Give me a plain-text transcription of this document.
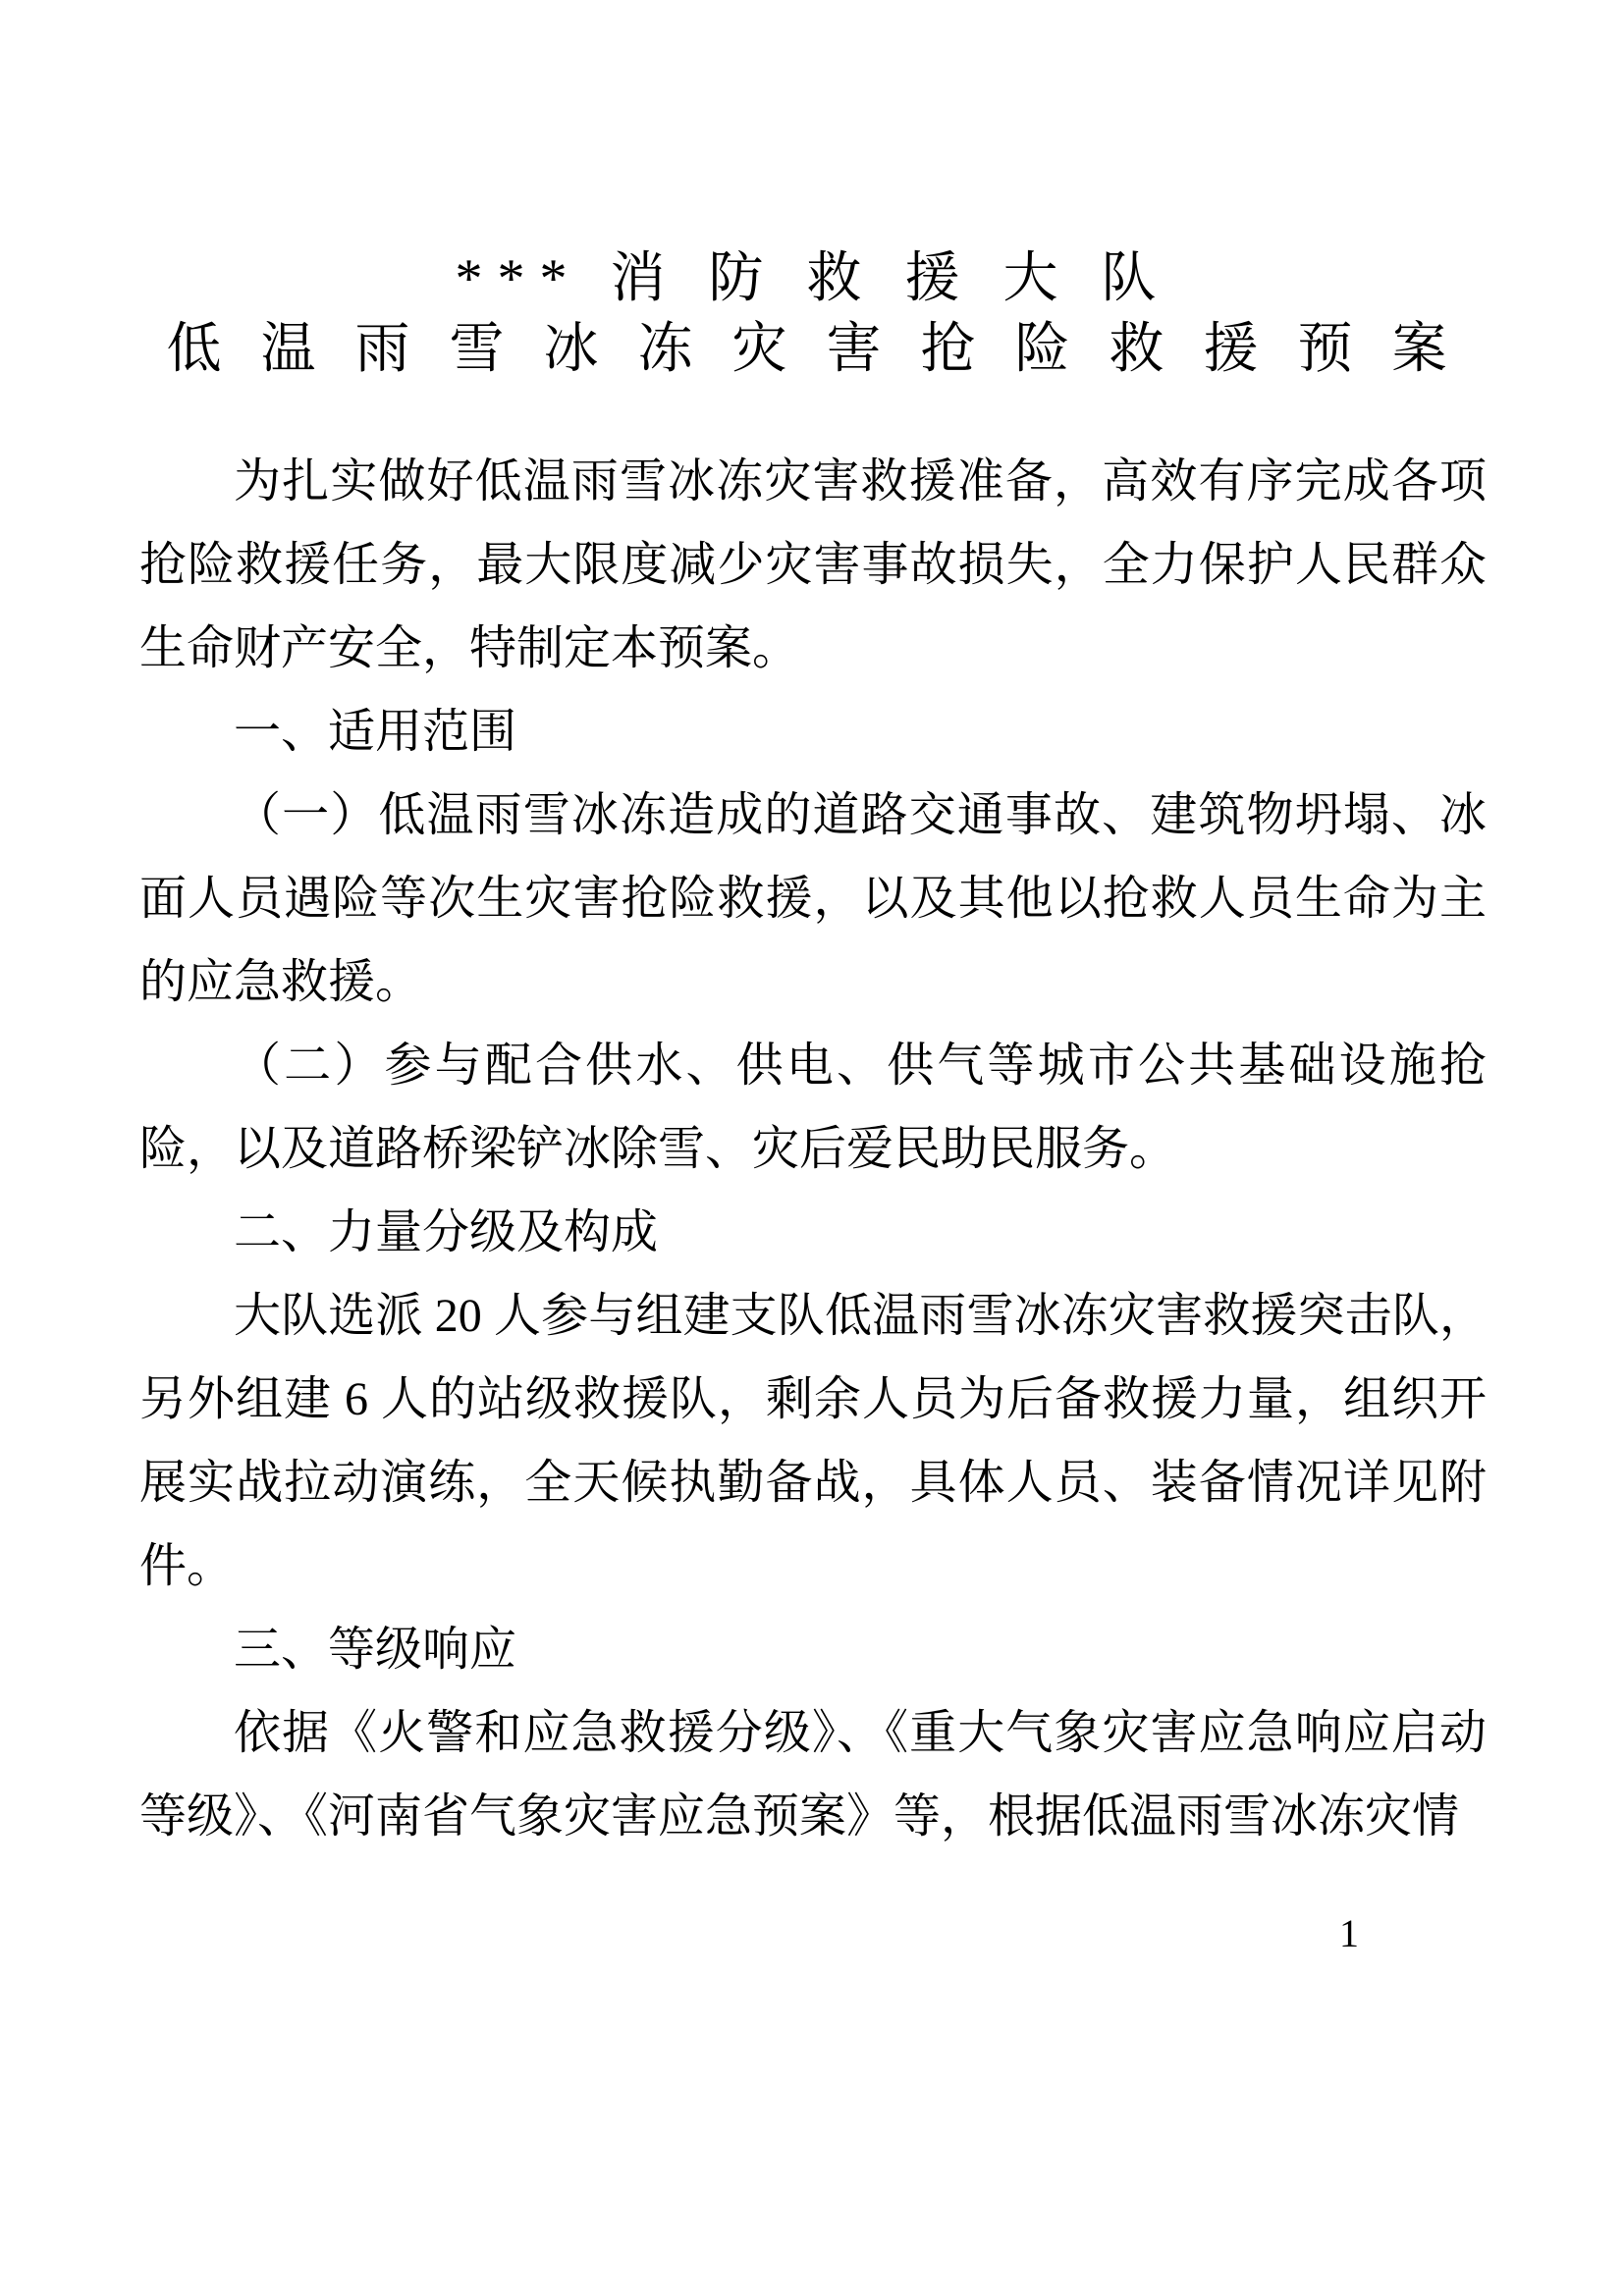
*** 消 防 救 援 大 队
低 温 雨 雪 冰 冻 灾 害 抢 险 救 援 预 案

为扎实做好低温雨雪冰冻灾害救援准备，高效有序完成各项抢险救援任务，最大限度减少灾害事故损失，全力保护人民群众生命财产安全，特制定本预案。

一、适用范围

（一）低温雨雪冰冻造成的道路交通事故、建筑物坍塌、冰面人员遇险等次生灾害抢险救援，以及其他以抢救人员生命为主的应急救援。

（二）参与配合供水、供电、供气等城市公共基础设施抢险，以及道路桥梁铲冰除雪、灾后爱民助民服务。

二、力量分级及构成

大队选派 20 人参与组建支队低温雨雪冰冻灾害救援突击队，另外组建 6 人的站级救援队，剩余人员为后备救援力量，组织开展实战拉动演练，全天候执勤备战，具体人员、装备情况详见附件。

三、等级响应

依据《火警和应急救援分级》、《重大气象灾害应急响应启动等级》、《河南省气象灾害应急预案》等，根据低温雨雪冰冻灾情

1
